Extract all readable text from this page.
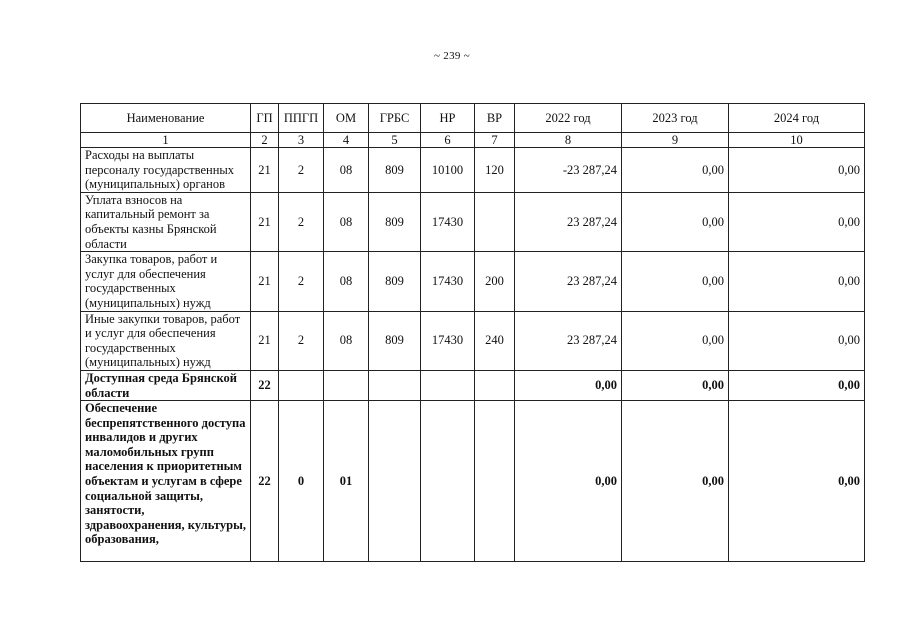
~ 239 ~
Наименование	ГП	ППГП	ОМ	ГРБС	НР	ВР	2022 год	2023 год	2024 год
1	2	3	4	5	6	7	8	9	10
Расходы на выплаты персоналу государственных (муниципальных) органов	21	2	08	809	10100	120	-23 287,24	0,00	0,00
Уплата взносов на капитальный ремонт за объекты казны Брянской области	21	2	08	809	17430		23 287,24	0,00	0,00
Закупка товаров, работ и услуг для обеспечения государственных (муниципальных) нужд	21	2	08	809	17430	200	23 287,24	0,00	0,00
Иные закупки товаров, работ и услуг для обеспечения государственных (муниципальных) нужд	21	2	08	809	17430	240	23 287,24	0,00	0,00
Доступная среда Брянской области	22						0,00	0,00	0,00

Обеспечение беспрепятственного доступа инвалидов и других маломобильных групп населения к приоритетным объектам и услугам в сфере социальной защиты, занятости, здравоохранения, культуры, образования,	22	0	01				0,00	0,00	0,00
